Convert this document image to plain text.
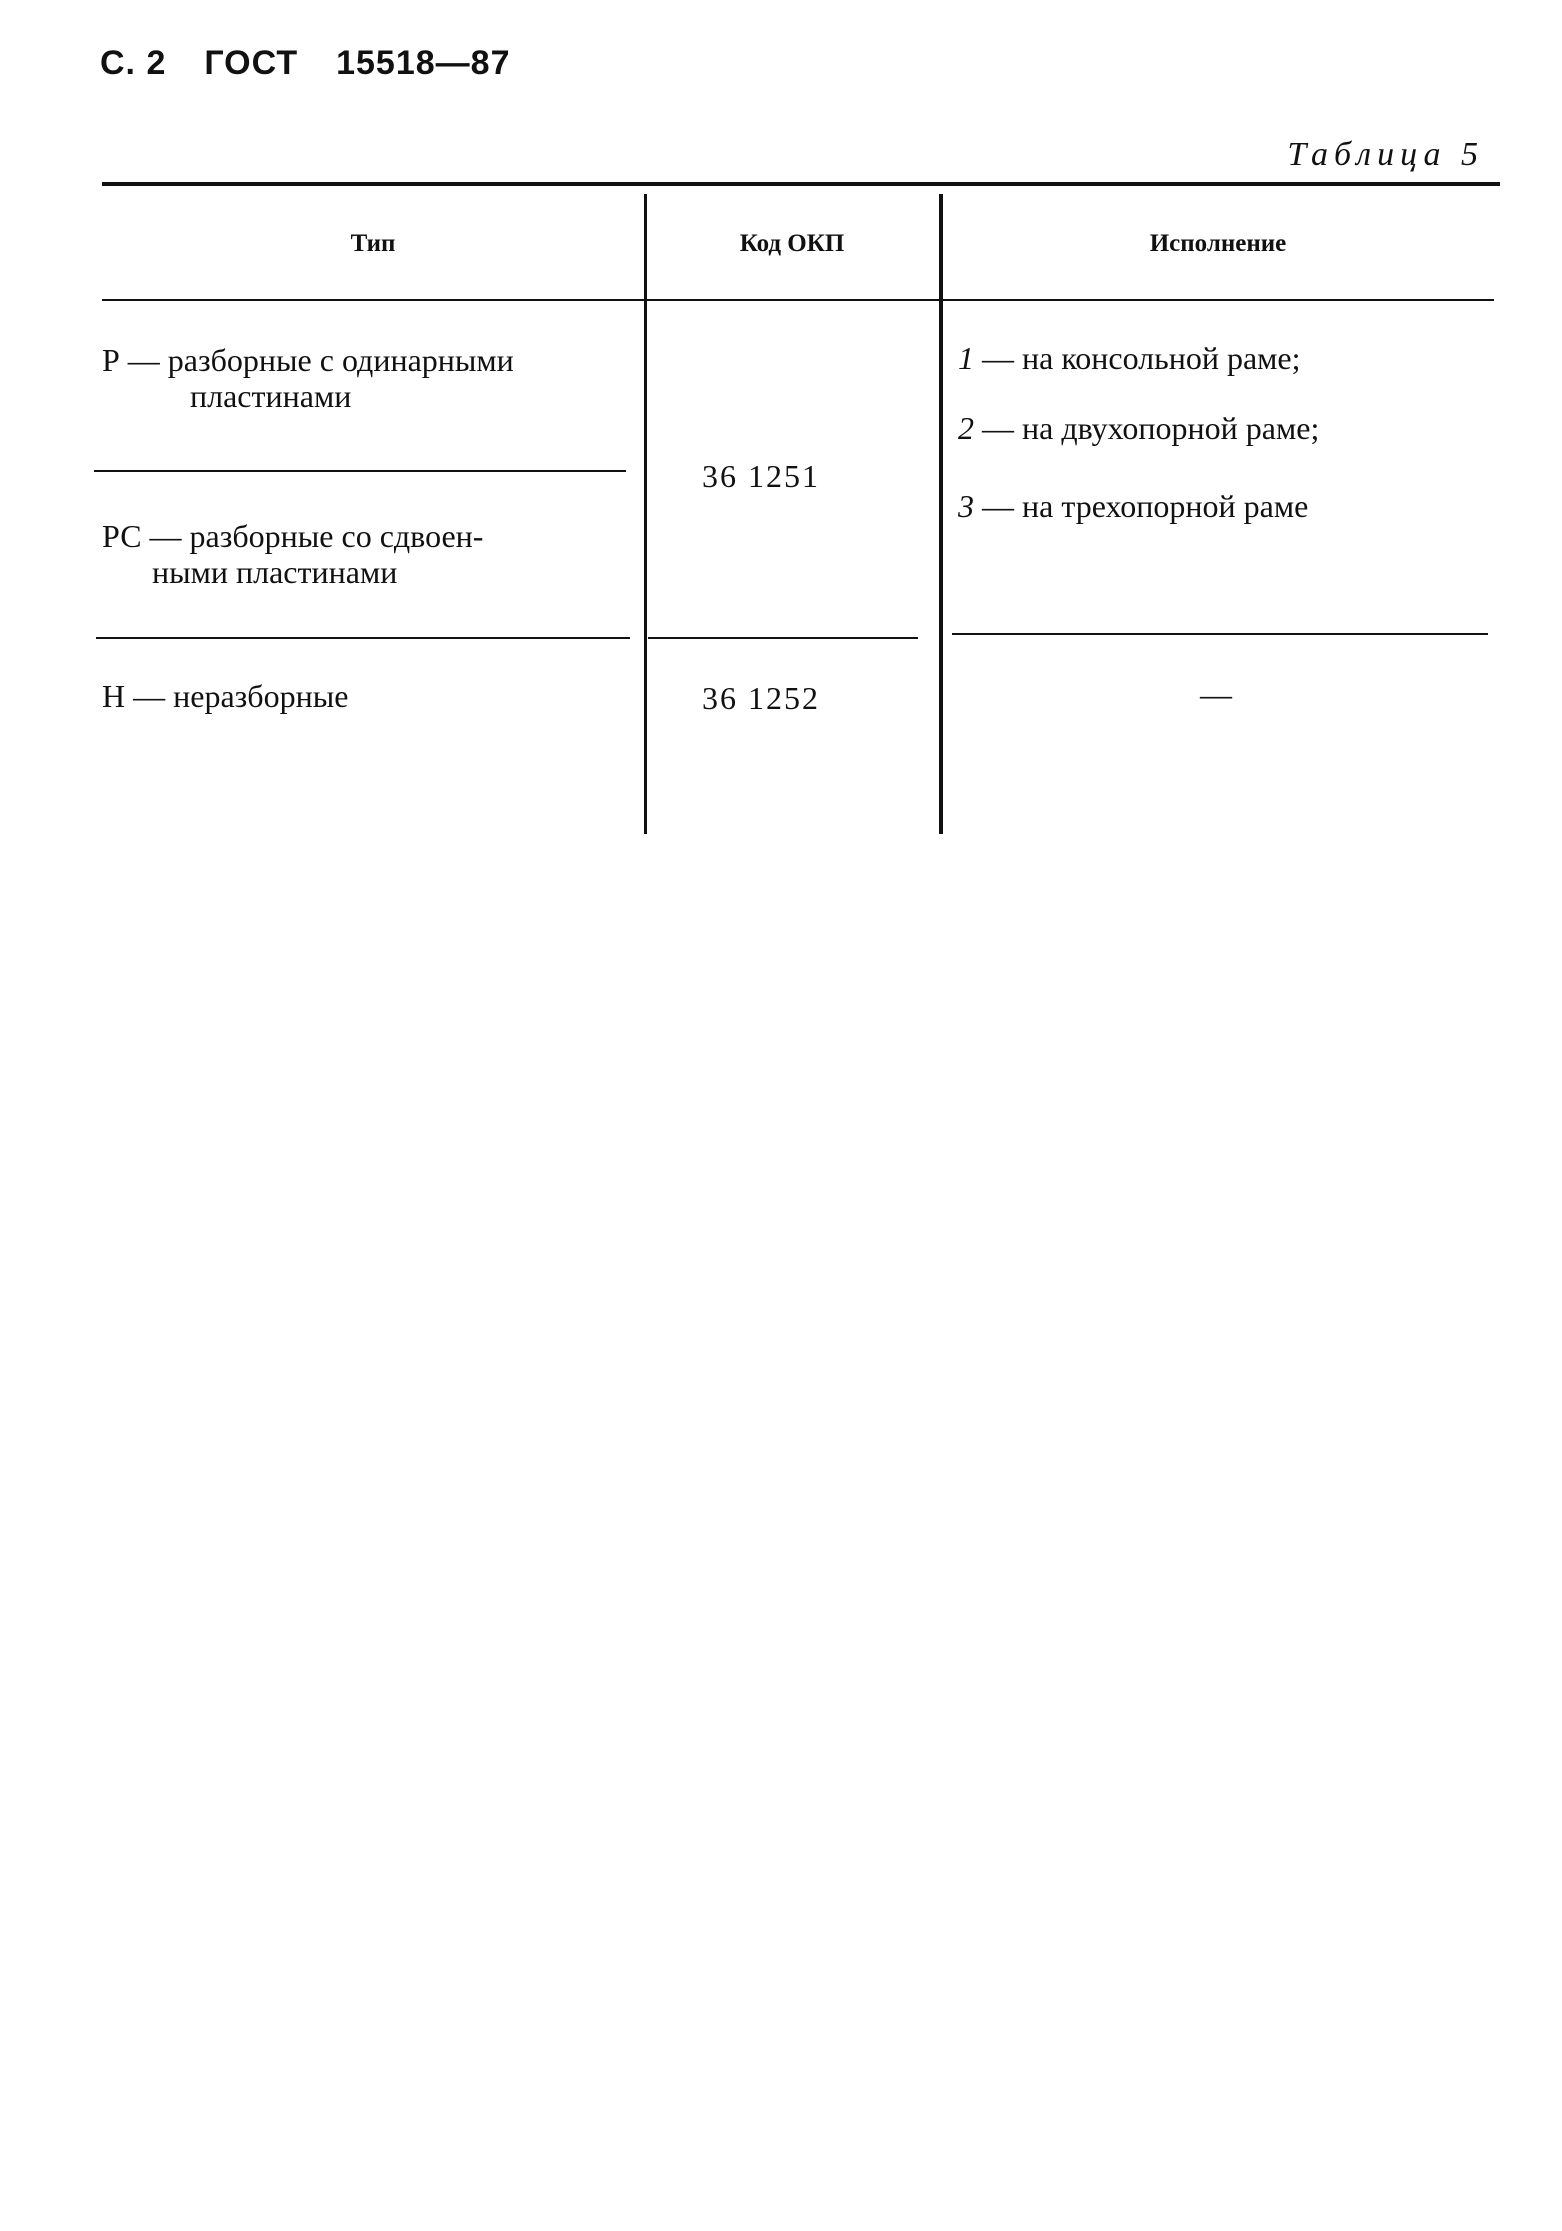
С. 2 ГОСТ 15518—87
Таблица 5
Тип	Код ОКП	Исполнение
Р — разборные с одинарными
пластинами
РС — разборные со сдвоен-
ными пластинами
Н — неразборные
36 1251
36 1252
1 — на консольной раме;
2 — на двухопорной раме;
3 — на трехопорной раме
—
